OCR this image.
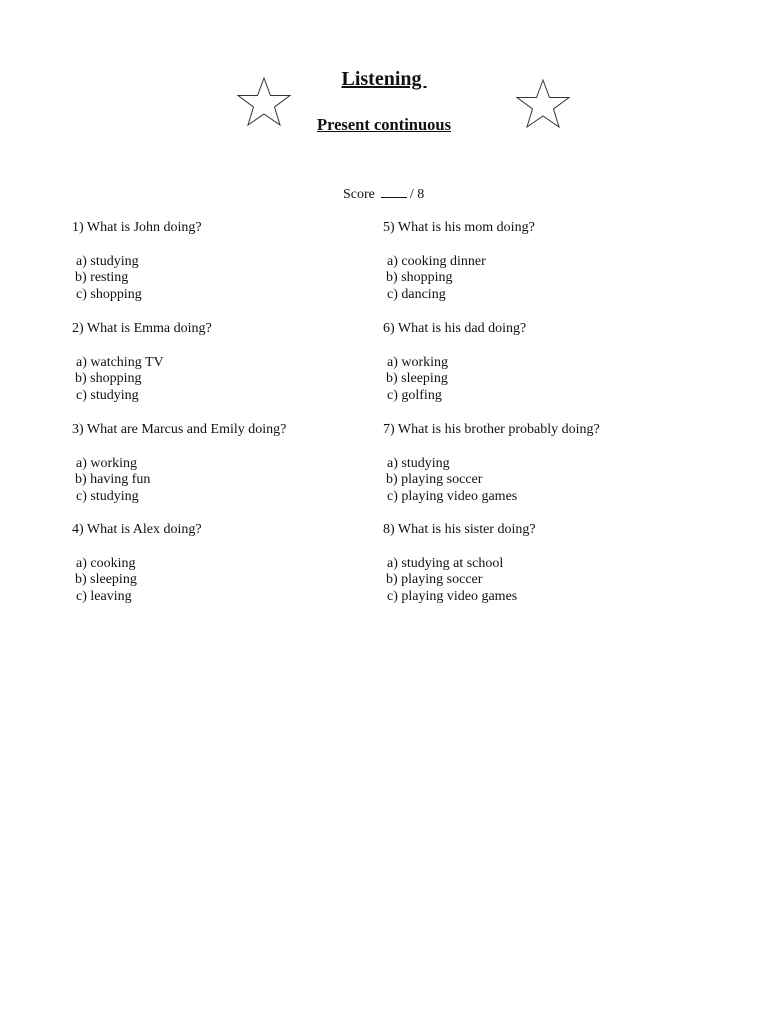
Listening
Present continuous
Score	/ 8
1) What is John doing?
a) studying
b) resting
c) shopping
2) What is Emma doing?
a) watching TV
b) shopping
c) studying
3) What are Marcus and Emily doing?
a) working
b) having fun
c) studying
4) What is Alex doing?
a) cooking
b) sleeping
c) leaving
5) What is his mom doing?
a) cooking dinner
b) shopping
c) dancing
6) What is his dad doing?
a) working
b) sleeping
c) golfing
7) What is his brother probably doing?
a) studying
b) playing soccer
c) playing video games
8) What is his sister doing?
a) studying at school
b) playing soccer
c) playing video games
